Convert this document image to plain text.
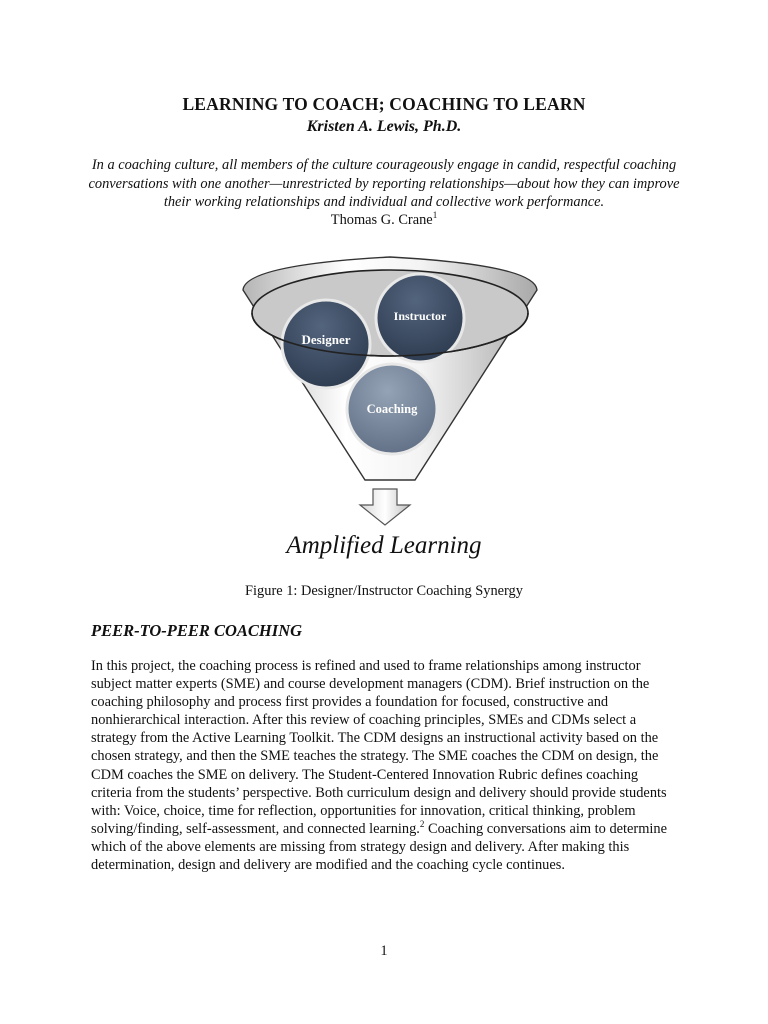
LEARNING TO COACH; COACHING TO LEARN
Kristen A. Lewis, Ph.D.
In a coaching culture, all members of the culture courageously engage in candid, respectful coaching conversations with one another—unrestricted by reporting relationships—about how they can improve their working relationships and individual and collective work performance.
Thomas G. Crane$^1$
Designer
Instructor
Coaching
Amplified Learning
Figure 1: Designer/Instructor Coaching Synergy
PEER-TO-PEER COACHING
In this project, the coaching process is refined and used to frame relationships among instructor subject matter experts (SME) and course development managers (CDM). Brief instruction on the coaching philosophy and process first provides a foundation for focused, constructive and nonhierarchical interaction. After this review of coaching principles, SMEs and CDMs select a strategy from the Active Learning Toolkit. The CDM designs an instructional activity based on the chosen strategy, and then the SME teaches the strategy. The SME coaches the CDM on design, the CDM coaches the SME on delivery. The Student-Centered Innovation Rubric defines coaching criteria from the students’ perspective. Both curriculum design and delivery should provide students with: Voice, choice, time for reflection, opportunities for innovation, critical thinking, problem solving/finding, self-assessment, and connected learning.$^2$ Coaching conversations aim to determine which of the above elements are missing from strategy design and delivery. After making this determination, design and delivery are modified and the coaching cycle continues.
1
